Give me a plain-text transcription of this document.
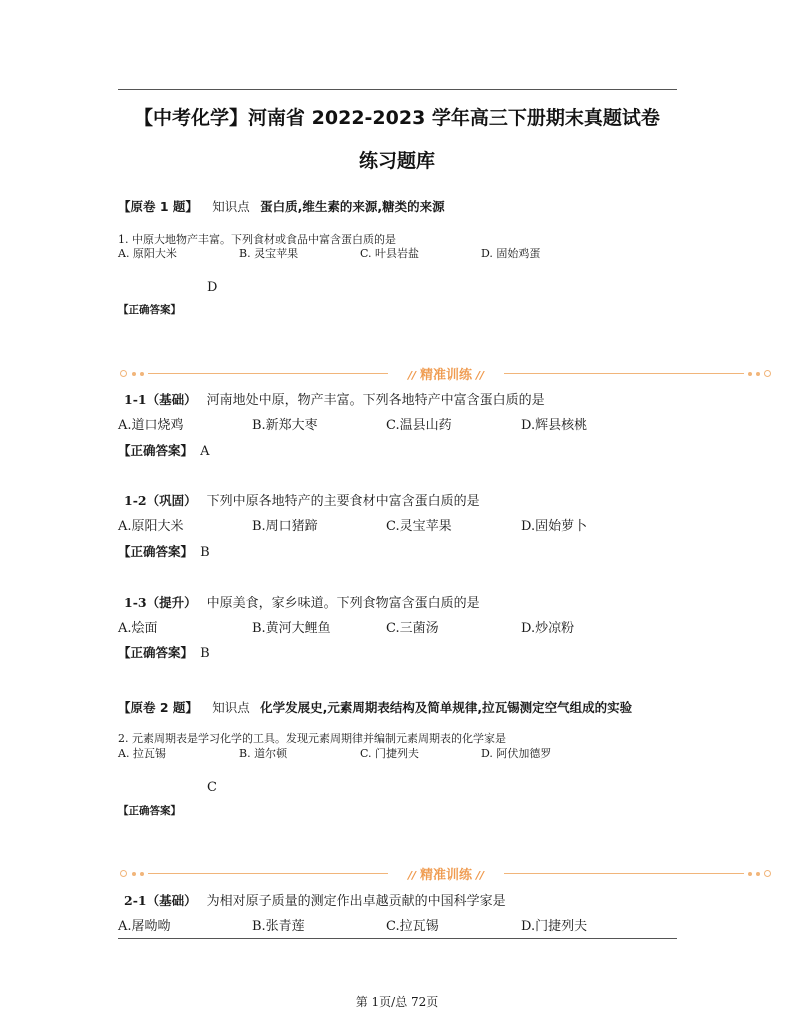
【中考化学】河南省 2022-2023 学年高三下册期末真题试卷
练习题库
【原卷 1 题】 知识点 蛋白质,维生素的来源,糖类的来源
1. 中原大地物产丰富。下列食材或食品中富含蛋白质的是
A. 原阳大米	B. 灵宝苹果	C. 叶县岩盐	D. 固始鸡蛋
D
【正确答案】
// 精准训练 //
1-1（基础） 河南地处中原，物产丰富。下列各地特产中富含蛋白质的是
A.道口烧鸡	B.新郑大枣	C.温县山药	D.辉县核桃
【正确答案】 A
1-2（巩固） 下列中原各地特产的主要食材中富含蛋白质的是
A.原阳大米	B.周口猪蹄	C.灵宝苹果	D.固始萝卜
【正确答案】 B
1-3（提升） 中原美食，家乡味道。下列食物富含蛋白质的是
A.烩面	B.黄河大鲤鱼	C.三菌汤	D.炒凉粉
【正确答案】 B
【原卷 2 题】 知识点 化学发展史,元素周期表结构及简单规律,拉瓦锡测定空气组成的实验
2. 元素周期表是学习化学的工具。发现元素周期律并编制元素周期表的化学家是
A. 拉瓦锡	B. 道尔顿	C. 门捷列夫	D. 阿伏加德罗
C
【正确答案】
// 精准训练 //
2-1（基础） 为相对原子质量的测定作出卓越贡献的中国科学家是
A.屠呦呦	B.张青莲	C.拉瓦锡	D.门捷列夫
第 1页/总 72页
